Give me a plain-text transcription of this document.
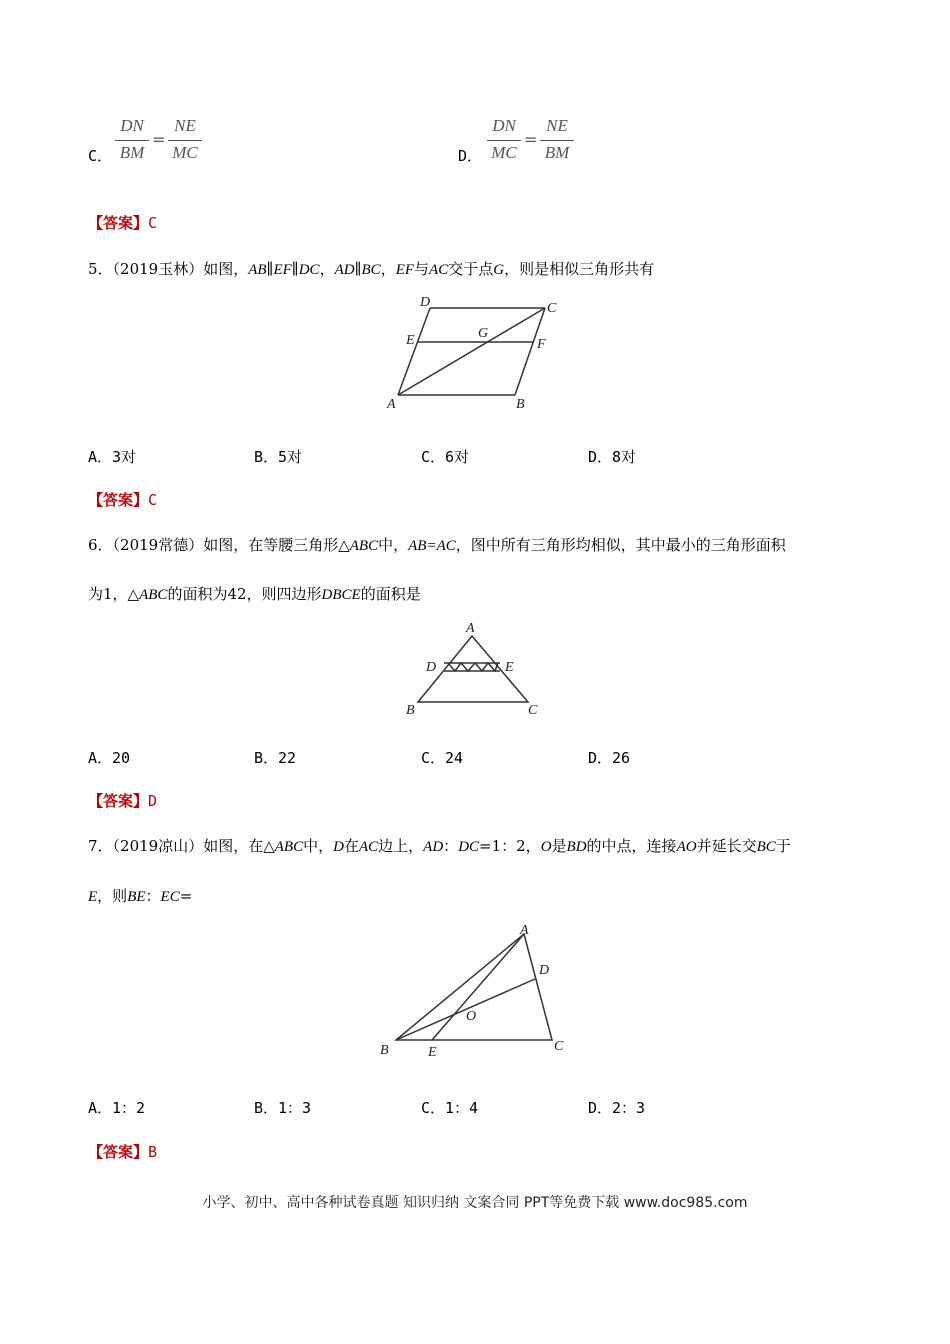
C．
DN
BM
=
NE
MC	D．
DN
MC
=
NE
BM
【答案】C
5．（2019玉林）如图，AB∥EF∥DC，AD∥BC，EF与AC交于点G，则是相似三角形共有
D	C
E	G
F
A	B
A．3对	B．5对	C．6对	D．8对
【答案】C
6．（2019常德）如图，在等腰三角形△ABC中，AB=AC，图中所有三角形均相似，其中最小的三角形面积
为1，△ABC的面积为42，则四边形DBCE的面积是
A
D	E
B	C
A．20	B．22	C．24	D．26
【答案】D
7．（2019凉山）如图，在△ABC中，D在AC边上，AD：DC=1：2，O是BD的中点，连接AO并延长交BC于
E，则BE：EC=
A
D
O
B	E	C
A．1：2	B．1：3	C．1：4	D．2：3
【答案】B
小学、初中、高中各种试卷真题 知识归纳 文案合同 PPT等免费下载 www.doc985.com
